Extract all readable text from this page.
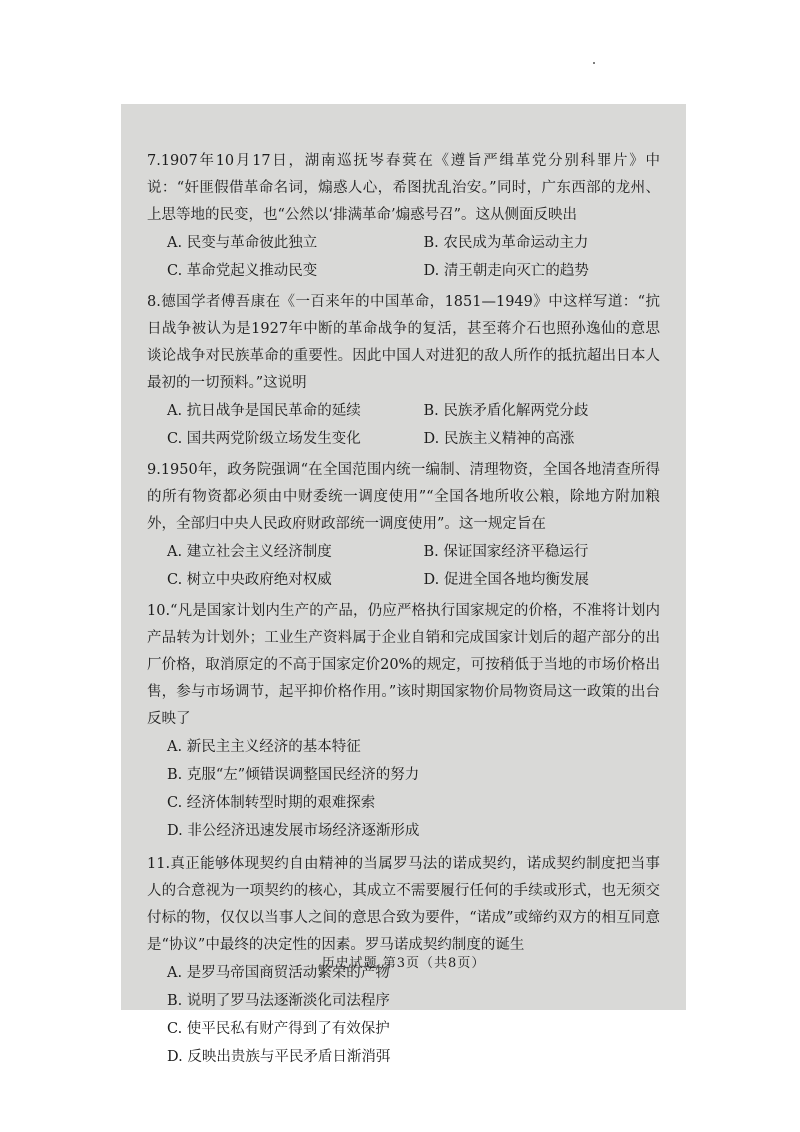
7.1907年10月17日，湖南巡抚岑春蓂在《遵旨严缉革党分别科罪片》中说：“奸匪假借革命名词，煽惑人心，希图扰乱治安。”同时，广东西部的龙州、上思等地的民变，也“公然以‘排满革命’煽惑号召”。这从侧面反映出

A. 民变与革命彼此独立	B. 农民成为革命运动主力
C. 革命党起义推动民变	D. 清王朝走向灭亡的趋势

8.德国学者傅吾康在《一百来年的中国革命，1851—1949》中这样写道：“抗日战争被认为是1927年中断的革命战争的复活，甚至蒋介石也照孙逸仙的意思谈论战争对民族革命的重要性。因此中国人对进犯的敌人所作的抵抗超出日本人最初的一切预料。”这说明

A. 抗日战争是国民革命的延续	B. 民族矛盾化解两党分歧
C. 国共两党阶级立场发生变化	D. 民族主义精神的高涨

9.1950年，政务院强调“在全国范围内统一编制、清理物资，全国各地清查所得的所有物资都必须由中财委统一调度使用”“全国各地所收公粮，除地方附加粮外，全部归中央人民政府财政部统一调度使用”。这一规定旨在

A. 建立社会主义经济制度	B. 保证国家经济平稳运行
C. 树立中央政府绝对权威	D. 促进全国各地均衡发展

10.“凡是国家计划内生产的产品，仍应严格执行国家规定的价格，不准将计划内产品转为计划外；工业生产资料属于企业自销和完成国家计划后的超产部分的出厂价格，取消原定的不高于国家定价20%的规定，可按稍低于当地的市场价格出售，参与市场调节，起平抑价格作用。”该时期国家物价局物资局这一政策的出台反映了

A. 新民主主义经济的基本特征
B. 克服“左”倾错误调整国民经济的努力
C. 经济体制转型时期的艰难探索
D. 非公经济迅速发展市场经济逐渐形成

11.真正能够体现契约自由精神的当属罗马法的诺成契约，诺成契约制度把当事人的合意视为一项契约的核心，其成立不需要履行任何的手续或形式，也无须交付标的物，仅仅以当事人之间的意思合致为要件，“诺成”或缔约双方的相互同意是“协议”中最终的决定性的因素。罗马诺成契约制度的诞生

A. 是罗马帝国商贸活动繁荣的产物
B. 说明了罗马法逐渐淡化司法程序
C. 使平民私有财产得到了有效保护
D. 反映出贵族与平民矛盾日渐消弭
历史试题 第3页（共8页）
